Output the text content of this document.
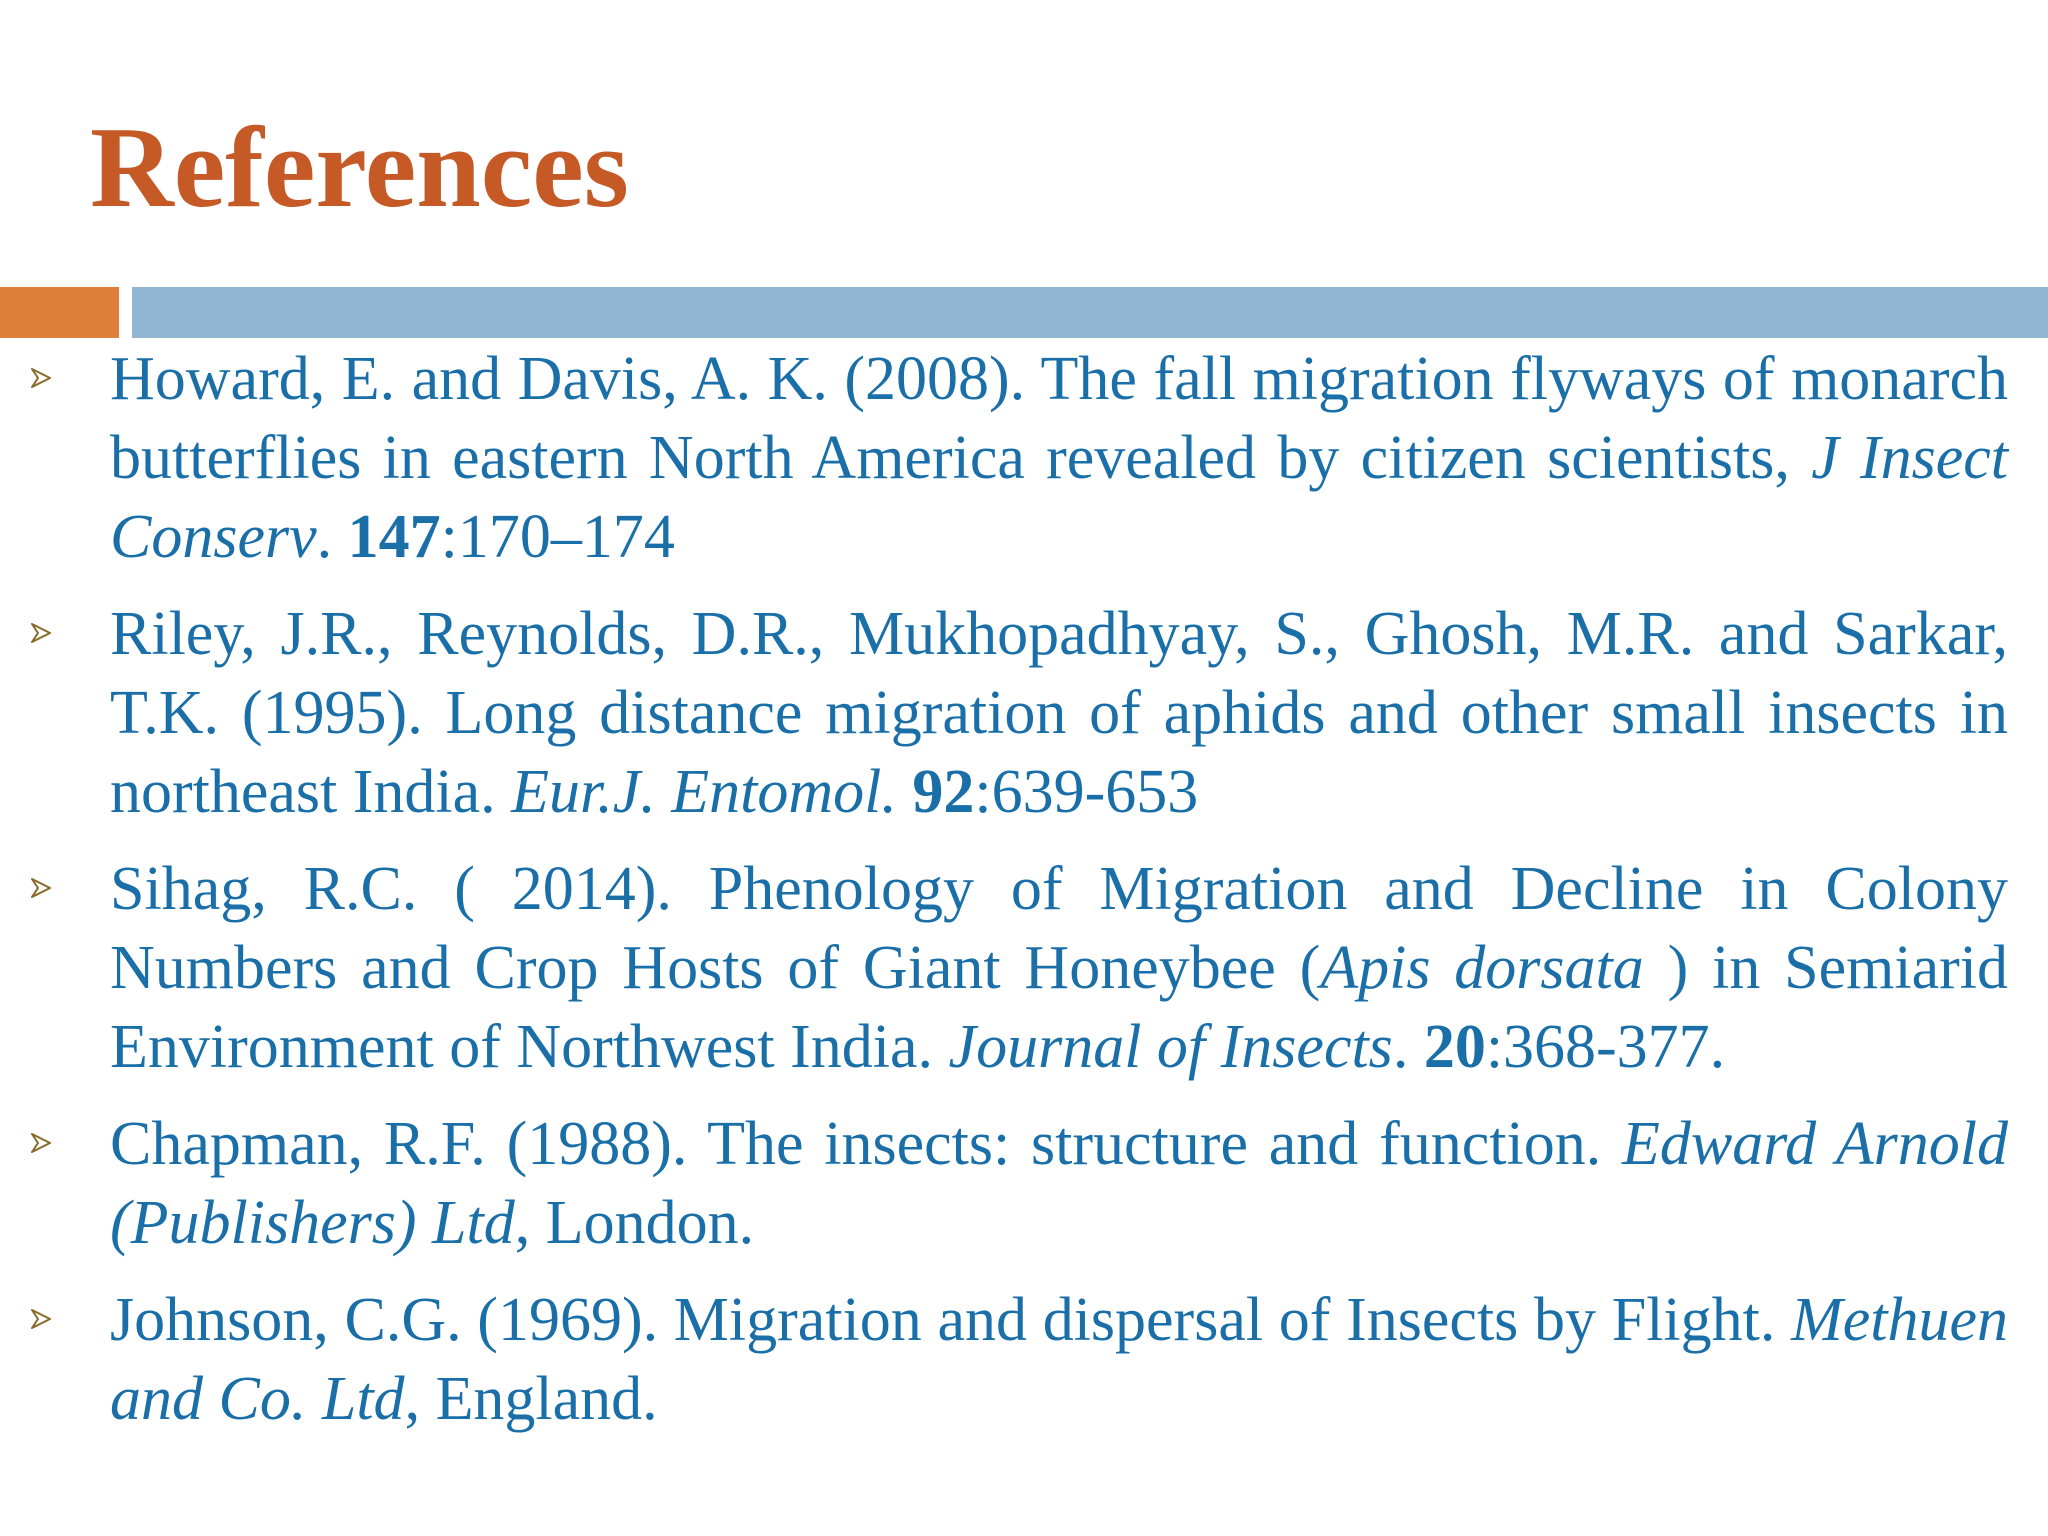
References
Howard, E. and Davis, A. K. (2008). The fall migration flyways of monarch butterflies in eastern North America revealed by citizen scientists, J Insect Conserv. 147:170–174
Riley, J.R., Reynolds, D.R., Mukhopadhyay, S., Ghosh, M.R. and Sarkar, T.K. (1995). Long distance migration of aphids and other small insects in northeast India. Eur.J. Entomol. 92:639-653
Sihag, R.C. ( 2014). Phenology of Migration and Decline in Colony Numbers and Crop Hosts of Giant Honeybee (Apis dorsata ) in Semiarid Environment of Northwest India. Journal of Insects. 20:368-377.
Chapman, R.F. (1988). The insects: structure and function. Edward Arnold (Publishers) Ltd, London.
Johnson, C.G. (1969). Migration and dispersal of Insects by Flight. Methuen and Co. Ltd, England.
